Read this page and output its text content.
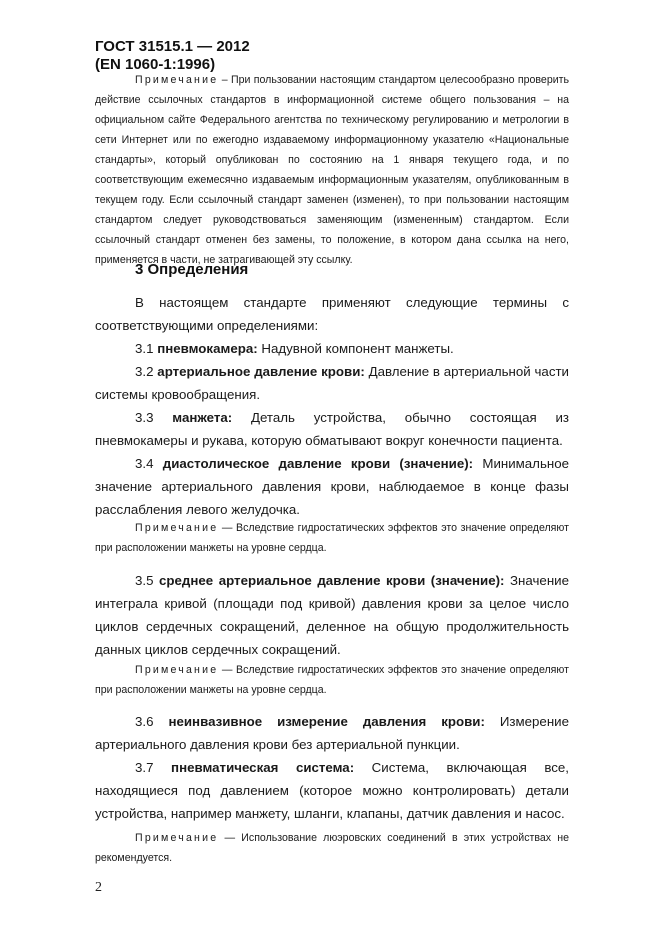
ГОСТ 31515.1 — 2012
(EN 1060-1:1996)

Примечание – При пользовании настоящим стандартом целесообразно проверить действие ссылочных стандартов в информационной системе общего пользования – на официальном сайте Федерального агентства по техническому регулированию и метрологии в сети Интернет или по ежегодно издаваемому информационному указателю «Национальные стандарты», который опубликован по состоянию на 1 января текущего года, и по соответствующим ежемесячно издаваемым информационным указателям, опубликованным в текущем году. Если ссылочный стандарт заменен (изменен), то при пользовании настоящим стандартом следует руководствоваться заменяющим (измененным) стандартом. Если ссылочный стандарт отменен без замены, то положение, в котором дана ссылка на него, применяется в части, не затрагивающей эту ссылку.

3 Определения

В настоящем стандарте применяют следующие термины с соответствующими определениями:

3.1 пневмокамера: Надувной компонент манжеты.

3.2 артериальное давление крови: Давление в артериальной части системы кровообращения.

3.3 манжета: Деталь устройства, обычно состоящая из пневмокамеры и рукава, которую обматывают вокруг конечности пациента.

3.4 диастолическое давление крови (значение): Минимальное значение артериального давления крови, наблюдаемое в конце фазы расслабления левого желудочка.

Примечание — Вследствие гидростатических эффектов это значение определяют при расположении манжеты на уровне сердца.

3.5 среднее артериальное давление крови (значение): Значение интеграла кривой (площади под кривой) давления крови за целое число циклов сердечных сокращений, деленное на общую продолжительность данных циклов сердечных сокращений.

Примечание — Вследствие гидростатических эффектов это значение определяют при расположении манжеты на уровне сердца.

3.6 неинвазивное измерение давления крови: Измерение артериального давления крови без артериальной пункции.

3.7 пневматическая система: Система, включающая все, находящиеся под давлением (которое можно контролировать) детали устройства, например манжету, шланги, клапаны, датчик давления и насос.

Примечание — Использование люэровских соединений в этих устройствах не рекомендуется.

2
